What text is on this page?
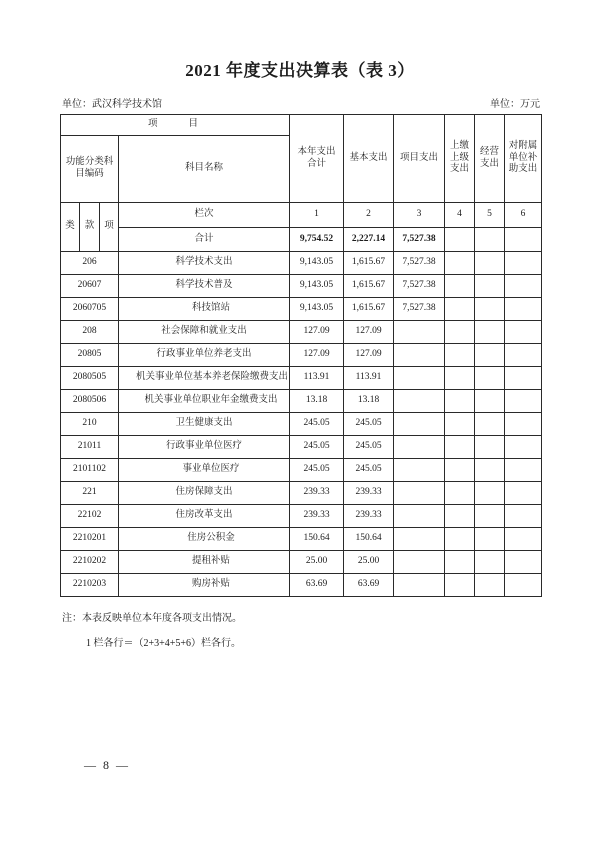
2021 年度支出决算表（表 3）
单位：武汉科学技术馆	单位：万元
项　　目				本年支出合计	基本支出	项目支出	上缴上级支出	经营支出	对附属单位补助支出
功能分类科目编码			科目名称						
类	款	项	栏次	1	2	3	4	5	6
			合计	9,754.52	2,227.14	7,527.38			
206			科学技术支出	9,143.05	1,615.67	7,527.38			
20607			科学技术普及	9,143.05	1,615.67	7,527.38			
2060705			科技馆站	9,143.05	1,615.67	7,527.38			
208			社会保障和就业支出	127.09	127.09				
20805			行政事业单位养老支出	127.09	127.09				
2080505			机关事业单位基本养老保险缴费支出	113.91	113.91				
2080506			机关事业单位职业年金缴费支出	13.18	13.18				
210			卫生健康支出	245.05	245.05				
21011			行政事业单位医疗	245.05	245.05				
2101102			事业单位医疗	245.05	245.05				
221			住房保障支出	239.33	239.33				
22102			住房改革支出	239.33	239.33				
2210201			住房公积金	150.64	150.64				
2210202			提租补贴	25.00	25.00				
2210203			购房补贴	63.69	63.69				
注：本表反映单位本年度各项支出情况。
1 栏各行＝（2+3+4+5+6）栏各行。
— 8 —
